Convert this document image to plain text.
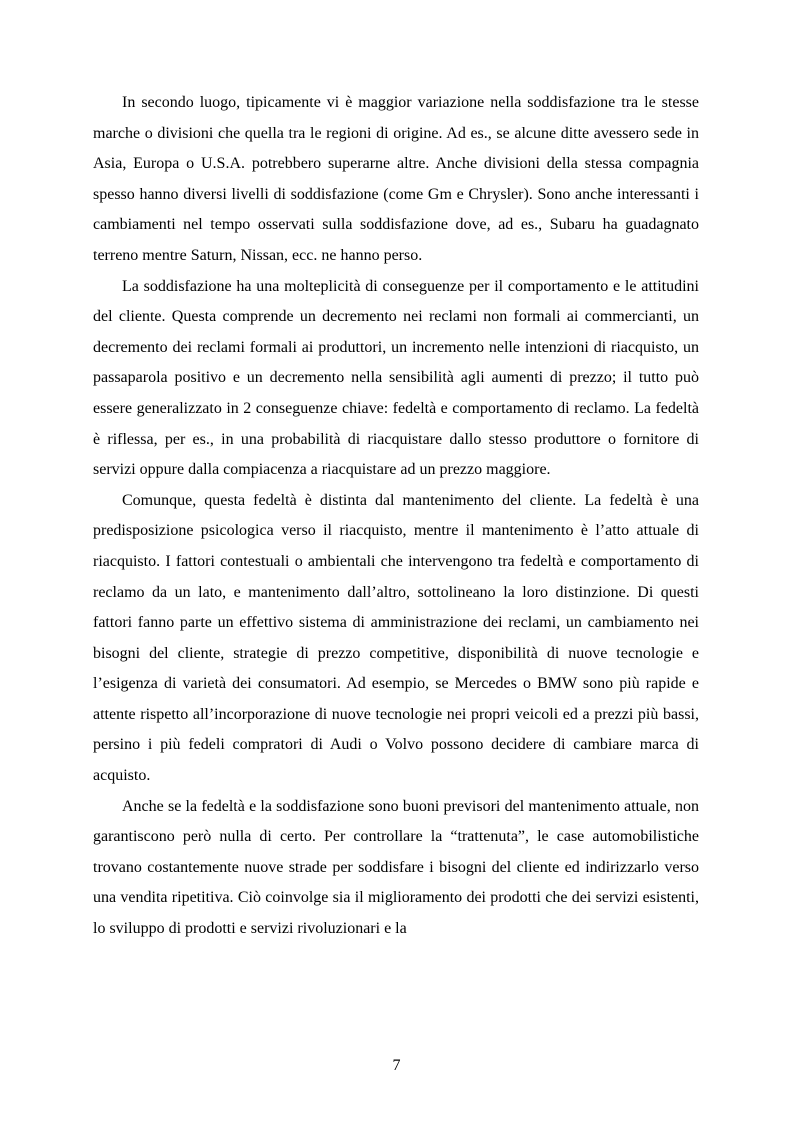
In secondo luogo, tipicamente vi è maggior variazione nella soddisfazione tra le stesse marche o divisioni che quella tra le regioni di origine. Ad es., se alcune ditte avessero sede in Asia, Europa o U.S.A. potrebbero superarne altre. Anche divisioni della stessa compagnia spesso hanno diversi livelli di soddisfazione (come Gm e Chrysler). Sono anche interessanti i cambiamenti nel tempo osservati sulla soddisfazione dove, ad es., Subaru ha guadagnato terreno mentre Saturn, Nissan, ecc. ne hanno perso.

La soddisfazione ha una molteplicità di conseguenze per il comportamento e le attitudini del cliente. Questa comprende un decremento nei reclami non formali ai commercianti, un decremento dei reclami formali ai produttori, un incremento nelle intenzioni di riacquisto, un passaparola positivo e un decremento nella sensibilità agli aumenti di prezzo; il tutto può essere generalizzato in 2 conseguenze chiave: fedeltà e comportamento di reclamo. La fedeltà è riflessa, per es., in una probabilità di riacquistare dallo stesso produttore o fornitore di servizi oppure dalla compiacenza a riacquistare ad un prezzo maggiore.

Comunque, questa fedeltà è distinta dal mantenimento del cliente. La fedeltà è una predisposizione psicologica verso il riacquisto, mentre il mantenimento è l’atto attuale di riacquisto. I fattori contestuali o ambientali che intervengono tra fedeltà e comportamento di reclamo da un lato, e mantenimento dall’altro, sottolineano la loro distinzione. Di questi fattori fanno parte un effettivo sistema di amministrazione dei reclami, un cambiamento nei bisogni del cliente, strategie di prezzo competitive, disponibilità di nuove tecnologie e l’esigenza di varietà dei consumatori. Ad esempio, se Mercedes o BMW sono più rapide e attente rispetto all’incorporazione di nuove tecnologie nei propri veicoli ed a prezzi più bassi, persino i più fedeli compratori di Audi o Volvo possono decidere di cambiare marca di acquisto.

Anche se la fedeltà e la soddisfazione sono buoni previsori del mantenimento attuale, non garantiscono però nulla di certo. Per controllare la “trattenuta”, le case automobilistiche trovano costantemente nuove strade per soddisfare i bisogni del cliente ed indirizzarlo verso una vendita ripetitiva. Ciò coinvolge sia il miglioramento dei prodotti che dei servizi esistenti, lo sviluppo di prodotti e servizi rivoluzionari e la

7
